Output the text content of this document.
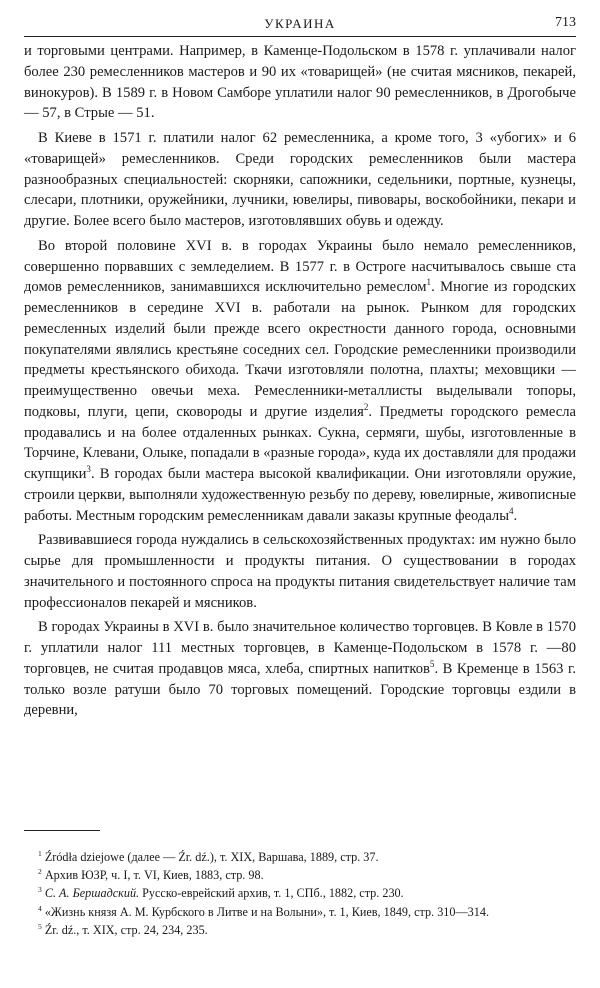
УКРАИНА	713

и торговыми центрами. Например, в Каменце-Подольском в 1578 г. уплачивали налог более 230 ремесленников мастеров и 90 их «товарищей» (не считая мясников, пекарей, винокуров). В 1589 г. в Новом Самборе уплатили налог 90 ремесленников, в Дрогобыче — 57, в Стрые — 51.

В Киеве в 1571 г. платили налог 62 ремесленника, а кроме того, 3 «убогих» и 6 «товарищей» ремесленников. Среди городских ремесленников были мастера разнообразных специальностей: скорняки, сапожники, седельники, портные, кузнецы, слесари, плотники, оружейники, лучники, ювелиры, пивовары, воскобойники, пекари и другие. Более всего было мастеров, изготовлявших обувь и одежду.

Во второй половине XVI в. в городах Украины было немало ремесленников, совершенно порвавших с земледелием. В 1577 г. в Остроге насчитывалось свыше ста домов ремесленников, занимавшихся исключительно ремеслом$^1$. Многие из городских ремесленников в середине XVI в. работали на рынок. Рынком для городских ремесленных изделий были прежде всего окрестности данного города, основными покупателями являлись крестьяне соседних сел. Городские ремесленники производили предметы крестьянского обихода. Ткачи изготовляли полотна, плахты; меховщики — преимущественно овечьи меха. Ремесленники-металлисты выделывали топоры, подковы, плуги, цепи, сковороды и другие изделия$^2$. Предметы городского ремесла продавались и на более отдаленных рынках. Сукна, сермяги, шубы, изготовленные в Торчине, Клевани, Олыке, попадали в «разные города», куда их доставляли для продажи скупщики$^3$. В городах были мастера высокой квалификации. Они изготовляли оружие, строили церкви, выполняли художественную резьбу по дереву, ювелирные, живописные работы. Местным городским ремесленникам давали заказы крупные феодалы$^4$.

Развивавшиеся города нуждались в сельскохозяйственных продуктах: им нужно было сырье для промышленности и продукты питания. О существовании в городах значительного и постоянного спроса на продукты питания свидетельствует наличие там профессионалов пекарей и мясников.

В городах Украины в XVI в. было значительное количество торговцев. В Ковле в 1570 г. уплатили налог 111 местных торговцев, в Каменце-Подольском в 1578 г. —80 торговцев, не считая продавцов мяса, хлеба, спиртных напитков$^5$. В Кременце в 1563 г. только возле ратуши было 70 торговых помещений. Городские торговцы ездили в деревни,

$^1$ Źródła dziejowe (далее — Źr. dź.), т. XIX, Варшава, 1889, стр. 37.

$^2$ Архив ЮЗР, ч. I, т. VI, Киев, 1883, стр. 98.

$^3$ С. А. Бершадский. Русско-еврейский архив, т. 1, СПб., 1882, стр. 230.

$^4$ «Жизнь князя А. М. Курбского в Литве и на Волыни», т. 1, Киев, 1849, стр. 310—314.

$^5$ Źr. dź., т. XIX, стр. 24, 234, 235.
